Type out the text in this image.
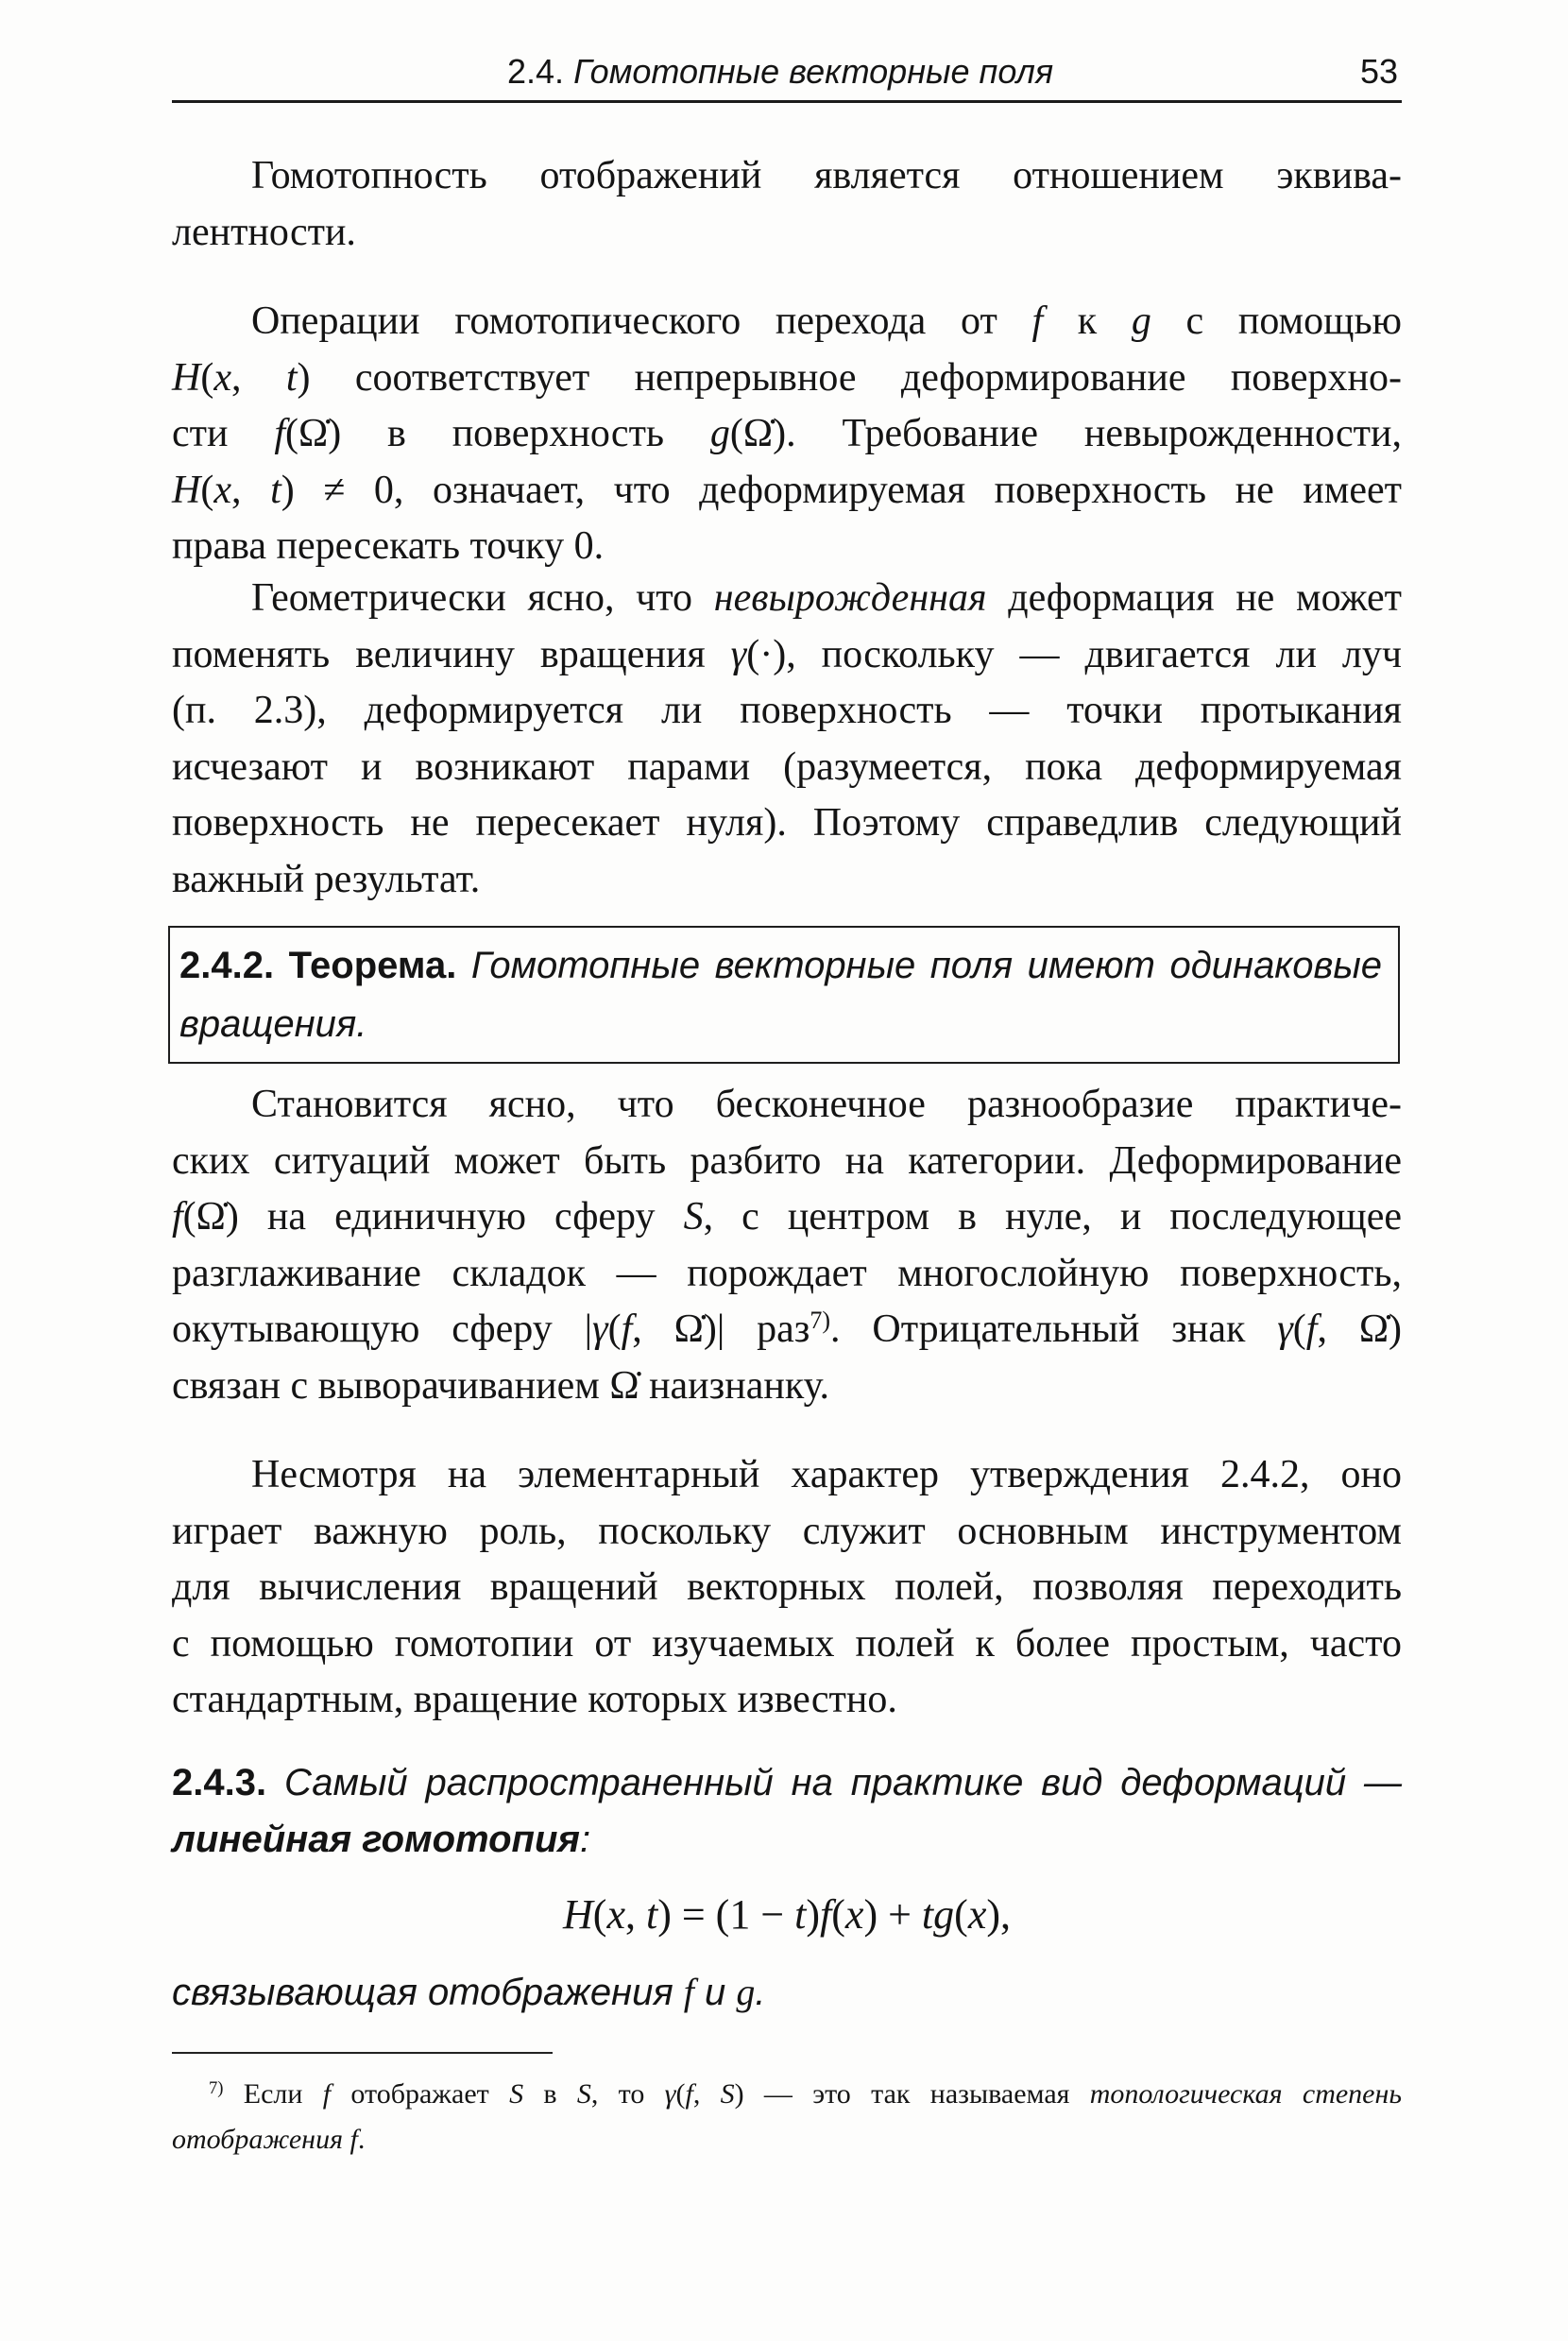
2.4. Гомотопные векторные поля	53
Гомотопность отображений является отношением эквива-
лентности.
Операции гомотопического перехода от f к g с помощью
H(x, t) соответствует непрерывное деформирование поверхно-
сти f(Ω̇) в поверхность g(Ω̇). Требование невырожденности,
H(x, t) ≠ 0, означает, что деформируемая поверхность не имеет
права пересекать точку 0.
Геометрически ясно, что невырожденная деформация не может
поменять величину вращения γ(·), поскольку — двигается ли луч
(п. 2.3), деформируется ли поверхность — точки протыкания
исчезают и возникают парами (разумеется, пока деформируемая
поверхность не пересекает нуля). Поэтому справедлив следующий
важный результат.
2.4.2. Теорема. Гомотопные векторные поля имеют одинаковые
вращения.
Становится ясно, что бесконечное разнообразие практиче-
ских ситуаций может быть разбито на категории. Деформирование
f(Ω̇) на единичную сферу S, с центром в нуле, и последующее
разглаживание складок — порождает многослойную поверхность,
окутывающую сферу |γ(f, Ω̇)| раз$^{7)}$. Отрицательный знак γ(f, Ω̇)
связан с выворачиванием Ω̇ наизнанку.
Несмотря на элементарный характер утверждения 2.4.2, оно
играет важную роль, поскольку служит основным инструментом
для вычисления вращений векторных полей, позволяя переходить
с помощью гомотопии от изучаемых полей к более простым, часто
стандартным, вращение которых известно.
2.4.3. Самый распространенный на практике вид деформаций —
линейная гомотопия:
H(x, t) = (1 − t)f(x) + tg(x),
связывающая отображения f и g.
$^{7)}$ Если f отображает S в S, то γ(f, S) — это так называемая топологическая степень
отображения f.
